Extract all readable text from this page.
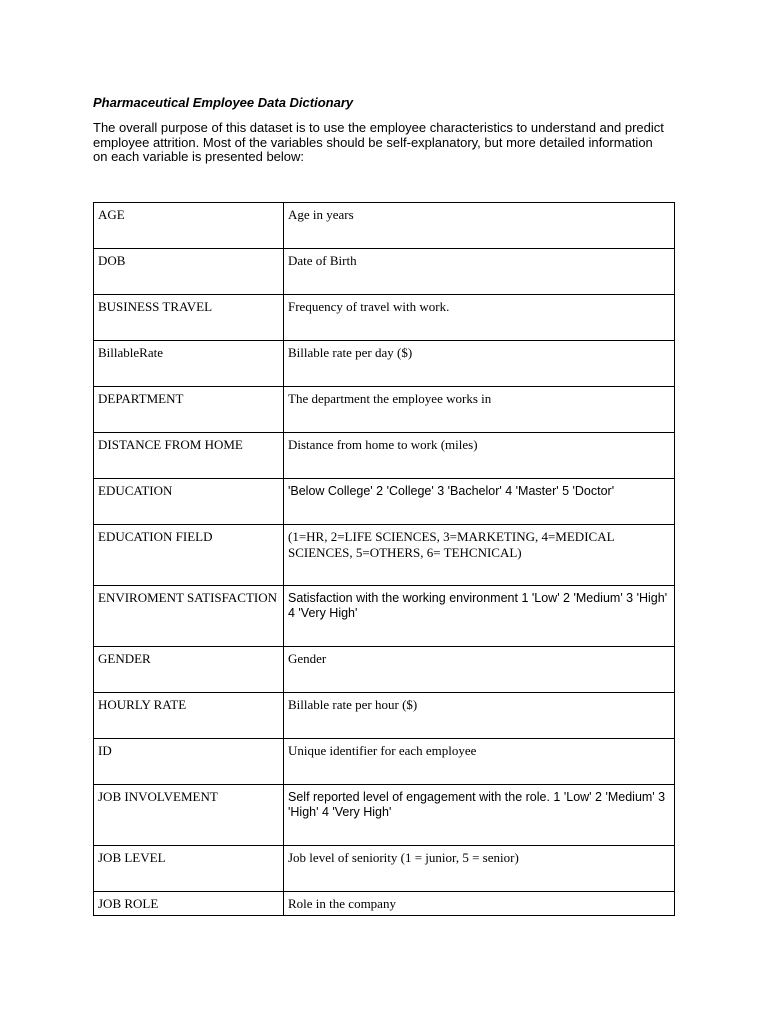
Pharmaceutical Employee Data Dictionary

The overall purpose of this dataset is to use the employee characteristics to understand and predict employee attrition. Most of the variables should be self-explanatory, but more detailed information on each variable is presented below:

AGE	Age in years
DOB	Date of Birth
BUSINESS TRAVEL	Frequency of travel with work.
BillableRate	Billable rate per day ($)
DEPARTMENT	The department the employee works in
DISTANCE FROM HOME	Distance from home to work (miles)
EDUCATION	'Below College' 2 'College' 3 'Bachelor' 4 'Master' 5 'Doctor'
EDUCATION FIELD	(1=HR, 2=LIFE SCIENCES, 3=MARKETING, 4=MEDICAL SCIENCES, 5=OTHERS, 6= TEHCNICAL)
ENVIROMENT SATISFACTION	Satisfaction with the working environment 1 'Low' 2 'Medium' 3 'High' 4 'Very High'
GENDER	Gender
HOURLY RATE	Billable rate per hour ($)
ID	Unique identifier for each employee
JOB INVOLVEMENT	Self reported level of engagement with the role. 1 'Low' 2 'Medium' 3 'High' 4 'Very High'
JOB LEVEL	Job level of seniority (1 = junior, 5 = senior)
JOB ROLE	Role in the company
